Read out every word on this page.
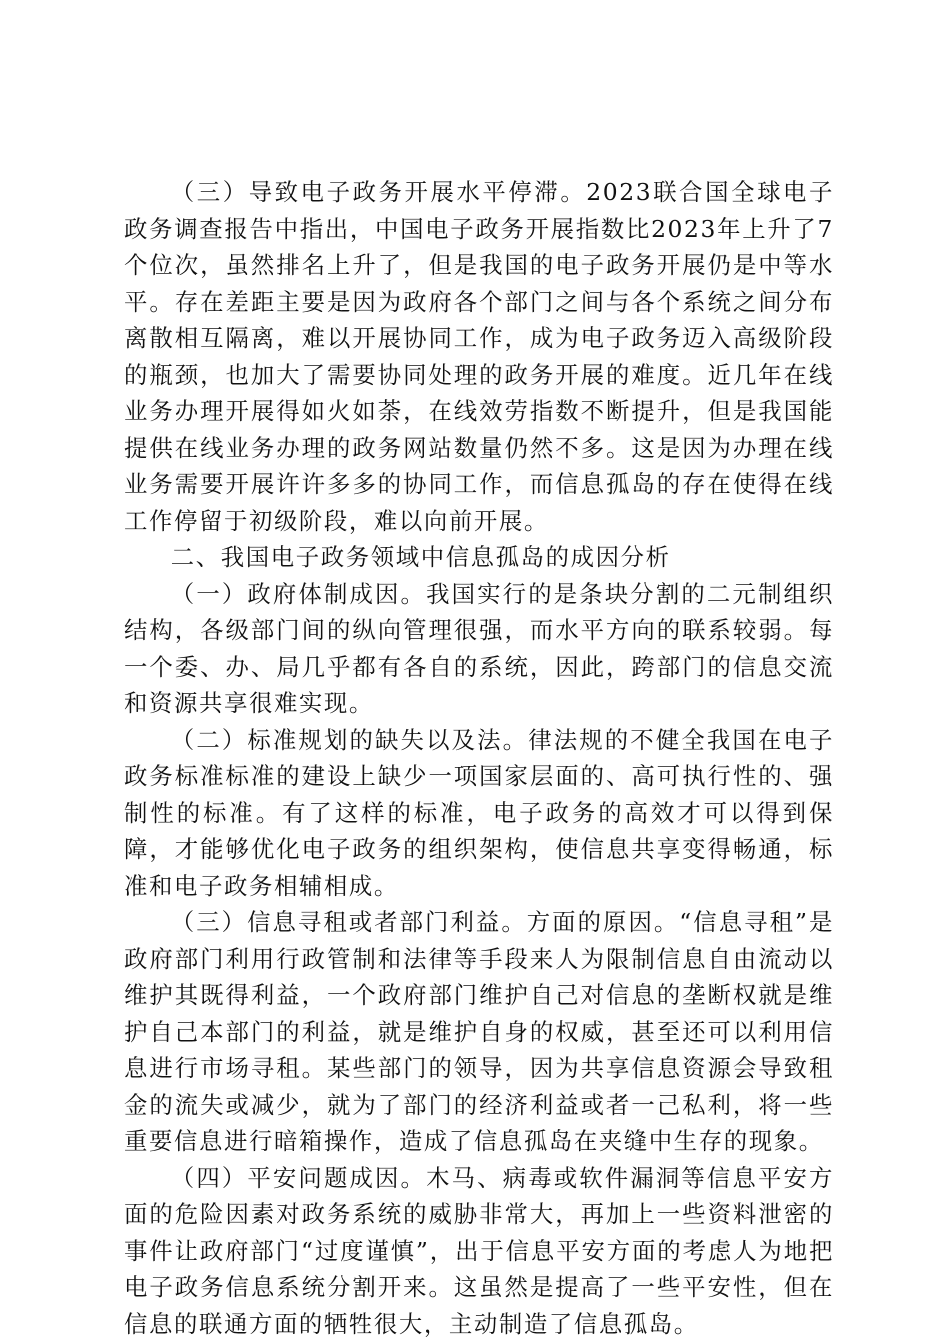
（三）导致电子政务开展水平停滞。2023联合国全球电子政务调查报告中指出，中国电子政务开展指数比2023年上升了7个位次，虽然排名上升了，但是我国的电子政务开展仍是中等水平。存在差距主要是因为政府各个部门之间与各个系统之间分布离散相互隔离，难以开展协同工作，成为电子政务迈入高级阶段的瓶颈，也加大了需要协同处理的政务开展的难度。近几年在线业务办理开展得如火如荼，在线效劳指数不断提升，但是我国能提供在线业务办理的政务网站数量仍然不多。这是因为办理在线业务需要开展许许多多的协同工作，而信息孤岛的存在使得在线工作停留于初级阶段，难以向前开展。

二、我国电子政务领域中信息孤岛的成因分析

（一）政府体制成因。我国实行的是条块分割的二元制组织结构，各级部门间的纵向管理很强，而水平方向的联系较弱。每一个委、办、局几乎都有各自的系统，因此，跨部门的信息交流和资源共享很难实现。

（二）标准规划的缺失以及法。律法规的不健全我国在电子政务标准标准的建设上缺少一项国家层面的、高可执行性的、强制性的标准。有了这样的标准，电子政务的高效才可以得到保障，才能够优化电子政务的组织架构，使信息共享变得畅通，标准和电子政务相辅相成。

（三）信息寻租或者部门利益。方面的原因。“信息寻租”是政府部门利用行政管制和法律等手段来人为限制信息自由流动以维护其既得利益，一个政府部门维护自己对信息的垄断权就是维护自己本部门的利益，就是维护自身的权威，甚至还可以利用信息进行市场寻租。某些部门的领导，因为共享信息资源会导致租金的流失或减少，就为了部门的经济利益或者一己私利，将一些重要信息进行暗箱操作，造成了信息孤岛在夹缝中生存的现象。

（四）平安问题成因。木马、病毒或软件漏洞等信息平安方面的危险因素对政务系统的威胁非常大，再加上一些资料泄密的事件让政府部门“过度谨慎”，出于信息平安方面的考虑人为地把电子政务信息系统分割开来。这虽然是提高了一些平安性，但在信息的联通方面的牺牲很大，主动制造了信息孤岛。
